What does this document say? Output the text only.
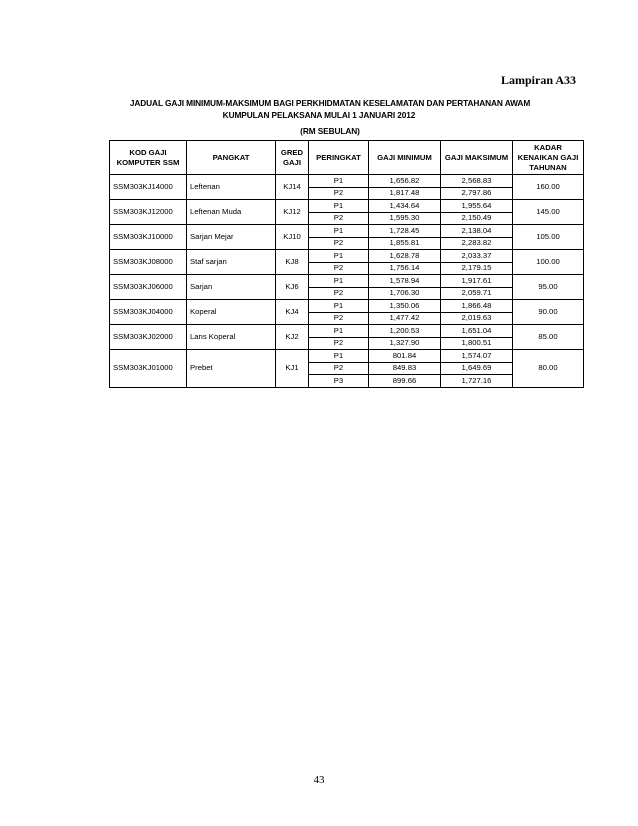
Lampiran A33
JADUAL GAJI MINIMUM-MAKSIMUM BAGI PERKHIDMATAN KESELAMATAN DAN PERTAHANAN AWAM
KUMPULAN PELAKSANA MULAI 1 JANUARI 2012
(RM SEBULAN)
KOD GAJI KOMPUTER SSM	PANGKAT	GRED GAJI	PERINGKAT	GAJI MINIMUM	GAJI MAKSIMUM	KADAR KENAIKAN GAJI TAHUNAN
SSM303KJ14000	Leftenan	KJ14	P1	1,656.82	2,568.83	160.00
			P2	1,817.48	2,797.86	
SSM303KJ12000	Leftenan Muda	KJ12	P1	1,434.64	1,955.64	145.00
			P2	1,595.30	2,150.49	
SSM303KJ10000	Sarjan Mejar	KJ10	P1	1,728.45	2,138.04	105.00
			P2	1,855.81	2,283.82	
SSM303KJ08000	Staf sarjan	KJ8	P1	1,628.78	2,033.37	100.00
			P2	1,756.14	2,179.15	
SSM303KJ06000	Sarjan	KJ6	P1	1,578.94	1,917.61	95.00
			P2	1,706.30	2,059.71	
SSM303KJ04000	Koperal	KJ4	P1	1,350.06	1,866.48	90.00
			P2	1,477.42	2,019.63	
SSM303KJ02000	Lans Koperal	KJ2	P1	1,200.53	1,651.04	85.00
			P2	1,327.90	1,800.51	
SSM303KJ01000	Prebet	KJ1	P1	801.84	1,574.07	80.00
			P2	849.83	1,649.69	
			P3	899.66	1,727.16	
43
